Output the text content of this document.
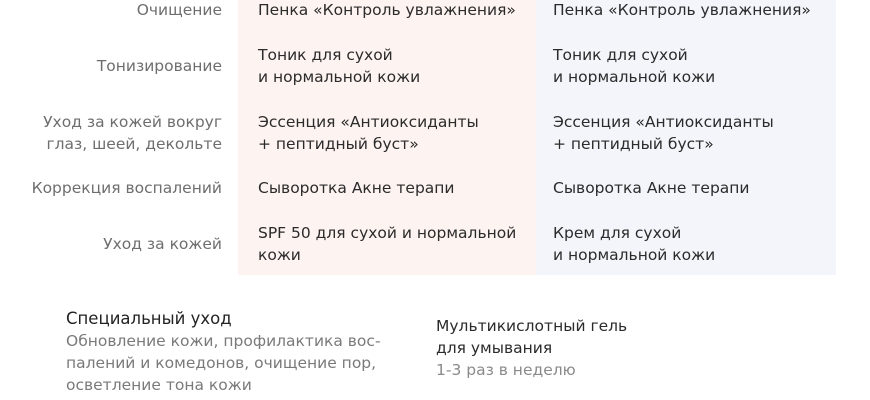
Очищение Пенка «Контроль увлажнения»	Пенка «Контроль увлажнения»
Тонизирование
Тоник для сухой
и нормальной кожи
Тоник для сухой
и нормальной кожи
Уход за кожей вокруг
глаз, шеей, декольте
Эссенция «Антиоксиданты
+ пептидный буст»
Эссенция «Антиоксиданты
+ пептидный буст»
Коррекция воспалений Сыворотка Акне терапи	Сыворотка Акне терапи
Уход за кожей
SPF 50 для сухой и нормальной
кожи
Крем для сухой
и нормальной кожи
Специальный уход
Обновление кожи, профилактика вос-
палений и комедонов, очищение пор,
осветление тона кожи
Мультикислотный гель
для умывания
1-3 раз в неделю
